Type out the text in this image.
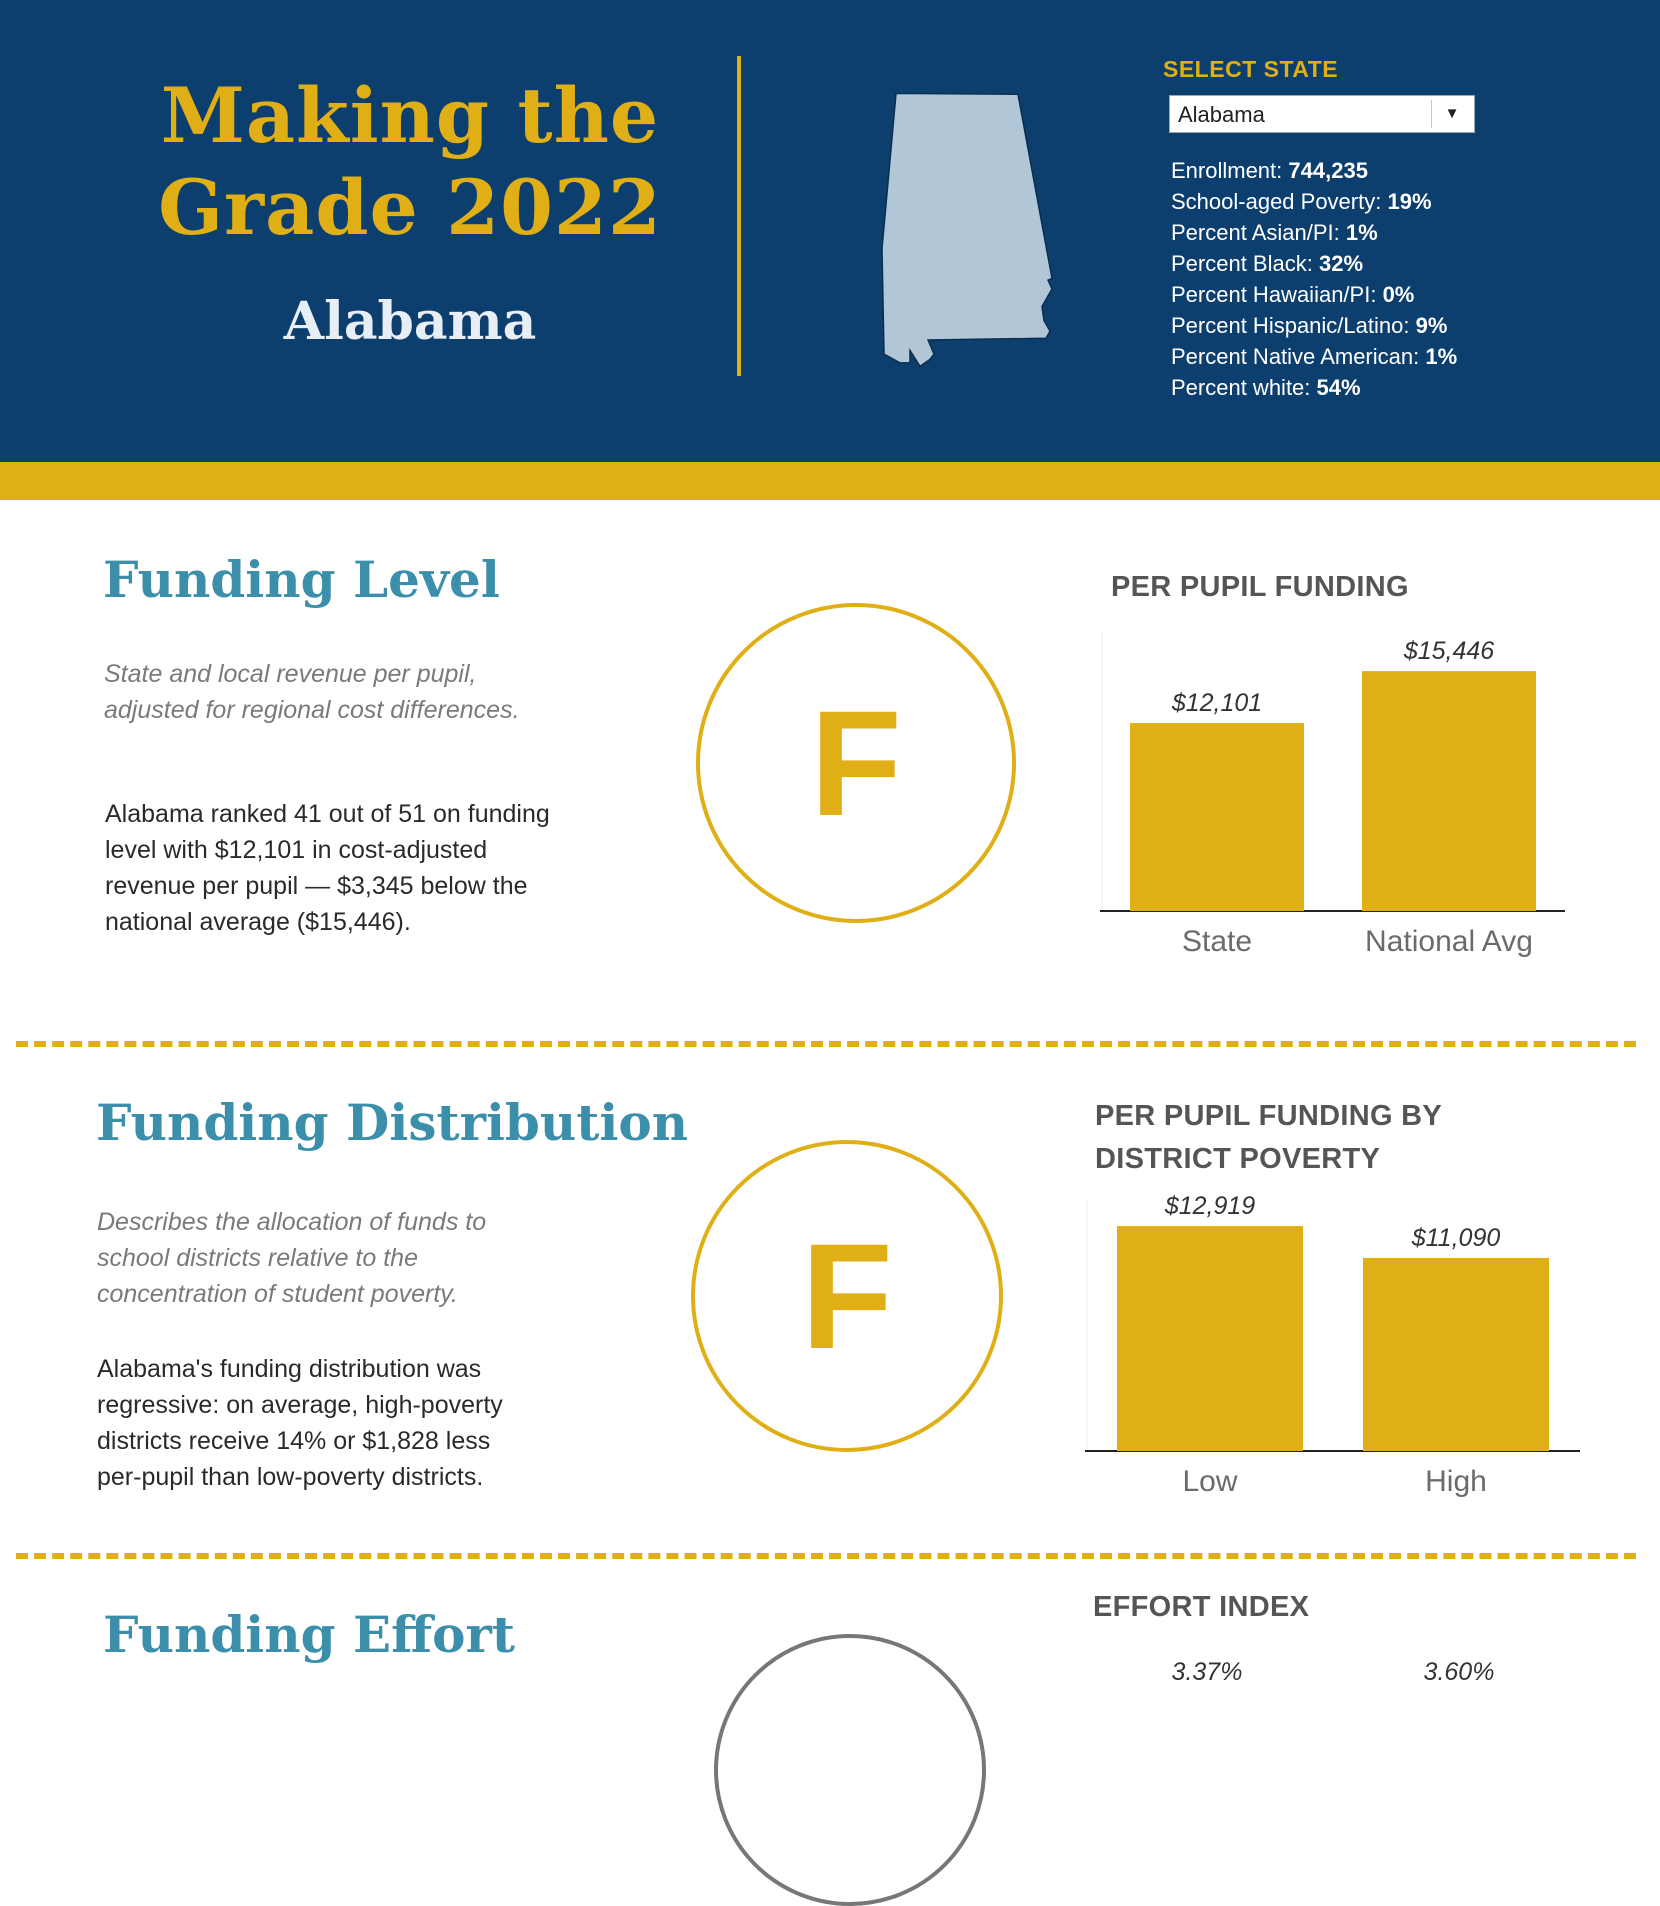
Making the
Grade 2022
Alabama
SELECT STATE
Alabama	▼
Enrollment: 744,235
School-aged Poverty: 19%
Percent Asian/PI: 1%
Percent Black: 32%
Percent Hawaiian/PI: 0%
Percent Hispanic/Latino: 9%
Percent Native American: 1%
Percent white: 54%
Funding Level
State and local revenue per pupil,
adjusted for regional cost differences.
Alabama ranked 41 out of 51 on funding
level with $12,101 in cost-adjusted
revenue per pupil — $3,345 below the
national average ($15,446).
F
PER PUPIL FUNDING
$12,101
State
$15,446
National Avg
Funding Distribution
Describes the allocation of funds to
school districts relative to the
concentration of student poverty.
Alabama's funding distribution was
regressive: on average, high-poverty
districts receive 14% or $1,828 less
per-pupil than low-poverty districts.
F
PER PUPIL FUNDING BY
DISTRICT POVERTY
$12,919
Low
$11,090
High
Funding Effort	EFFORT INDEX
3.37%	3.60%
